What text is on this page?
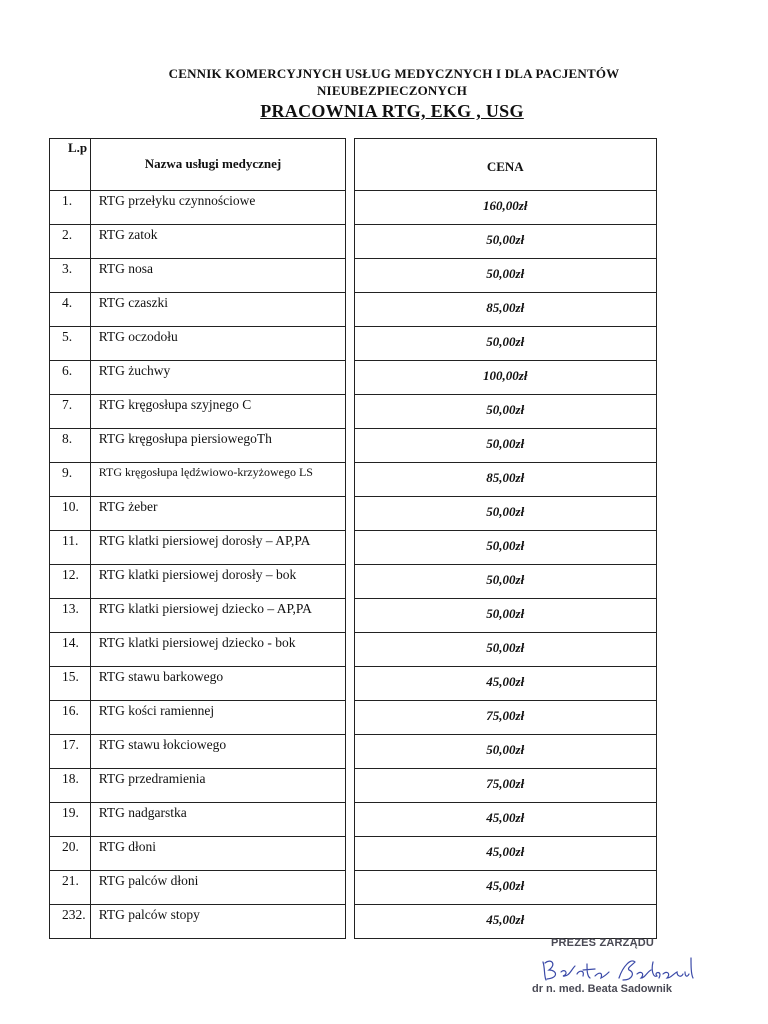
CENNIK KOMERCYJNYCH USŁUG MEDYCZNYCH I DLA PACJENTÓW
NIEUBEZPIECZONYCH
PRACOWNIA RTG, EKG , USG
L.p	Nazwa usługi medycznej		CENA
1.	RTG przełyku czynnościowe		160,00zł
2.	RTG zatok		50,00zł
3.	RTG nosa		50,00zł
4.	RTG czaszki		85,00zł
5.	RTG oczodołu		50,00zł
6.	RTG żuchwy		100,00zł
7.	RTG kręgosłupa szyjnego C		50,00zł
8.	RTG kręgosłupa piersiowegoTh		50,00zł
9.	RTG kręgosłupa lędźwiowo-krzyżowego LS		85,00zł
10.	RTG żeber		50,00zł
11.	RTG klatki piersiowej dorosły – AP,PA		50,00zł
12.	RTG klatki piersiowej dorosły – bok		50,00zł
13.	RTG klatki piersiowej dziecko – AP,PA		50,00zł
14.	RTG klatki piersiowej dziecko - bok		50,00zł
15.	RTG stawu barkowego		45,00zł
16.	RTG kości ramiennej		75,00zł
17.	RTG stawu łokciowego		50,00zł
18.	RTG przedramienia		75,00zł
19.	RTG nadgarstka		45,00zł
20.	RTG dłoni		45,00zł
21.	RTG palców dłoni		45,00zł
232.	RTG palców stopy		45,00zł
PREZES ZARZĄDU
dr n. med. Beata Sadownik
